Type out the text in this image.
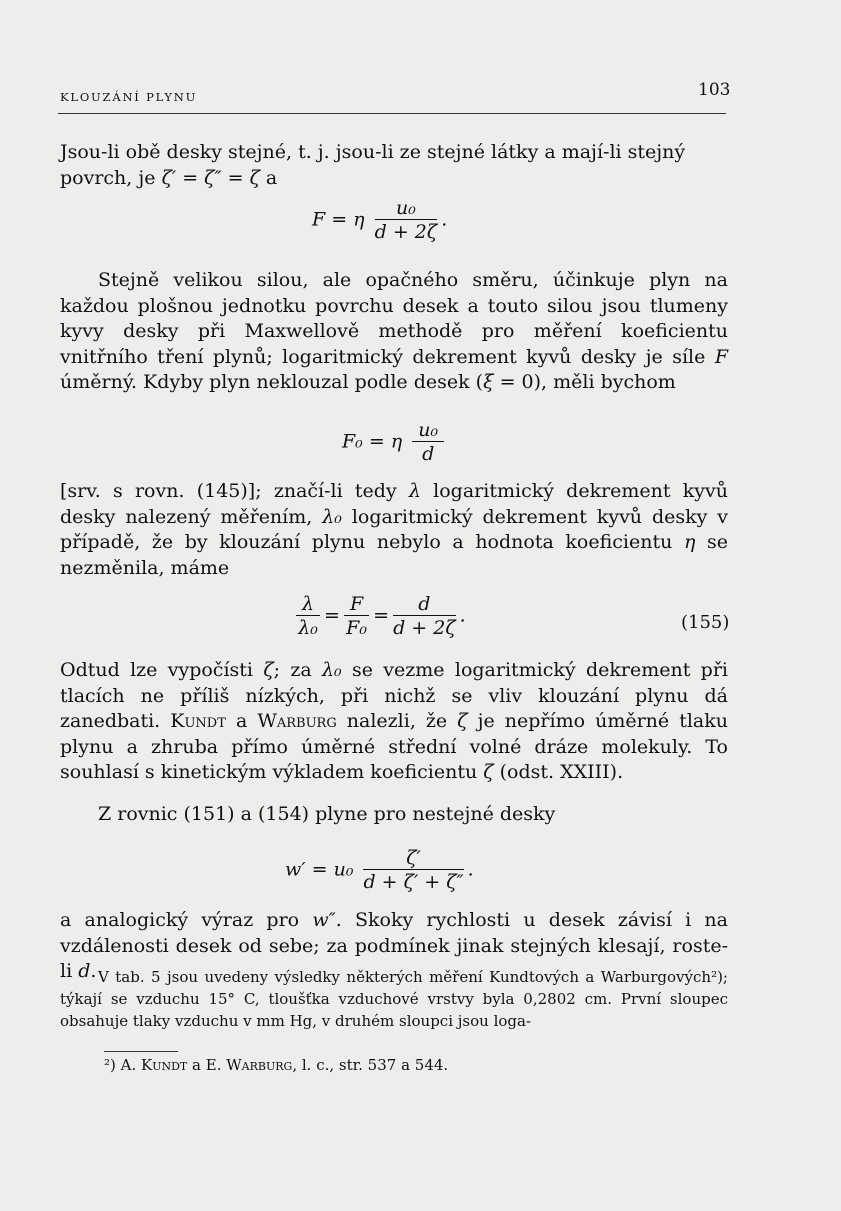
KLOUZÁNÍ PLYNU	103
Jsou-li obě desky stejné, t. j. jsou-li ze stejné látky a mají-li stejný
povrch, je ζ′ = ζ″ = ζ a
F = η $\frac{\text{u₀}}{d + 2\zeta}$ .
Stejně velikou silou, ale opačného směru, účinkuje plyn na každou plošnou jednotku povrchu desek a touto silou jsou tlumeny kyvy desky při Maxwellově methodě pro měření koeficientu vnitřního tření plynů; logaritmický dekrement kyvů desky je síle F úměrný. Kdyby plyn neklouzal podle desek (ξ = 0), měli bychom
F₀ = η $\frac{\text{u₀}}{d}$
[srv. s rovn. (145)]; značí-li tedy λ logaritmický dekrement kyvů desky nalezený měřením, λ₀ logaritmický dekrement kyvů desky v případě, že by klouzání plynu nebylo a hodnota koeficientu η se nezměnila, máme
$\frac{\lambda}{\text{λ₀}} = \frac{F}{\text{F₀}} = \frac{d}{d + 2\zeta}$ .	(155)
Odtud lze vypočísti ζ; za λ₀ se vezme logaritmický dekrement při tlacích ne příliš nízkých, při nichž se vliv klouzání plynu dá zanedbati. Kundt a Warburg nalezli, že ζ je nepřímo úměrné tlaku plynu a zhruba přímo úměrné střední volné dráze molekuly. To souhlasí s kinetickým výkladem koeficientu ζ (odst. XXIII).
Z rovnic (151) a (154) plyne pro nestejné desky
$w' = u_0 \frac{\zeta'}{d + \zeta' + \zeta''}$ .
a analogický výraz pro w″. Skoky rychlosti u desek závisí i na vzdálenosti desek od sebe; za podmínek jinak stejných klesají, roste-li d. V tab. 5 jsou uvedeny výsledky některých měření Kundtových a Warburgových²); týkají se vzduchu 15° C, tloušťka vzduchové vrstvy byla 0,2802 cm. První sloupec obsahuje tlaky vzduchu v mm Hg, v druhém sloupci jsou loga-
²) A. Kundt a E. Warburg, l. c., str. 537 a 544.
